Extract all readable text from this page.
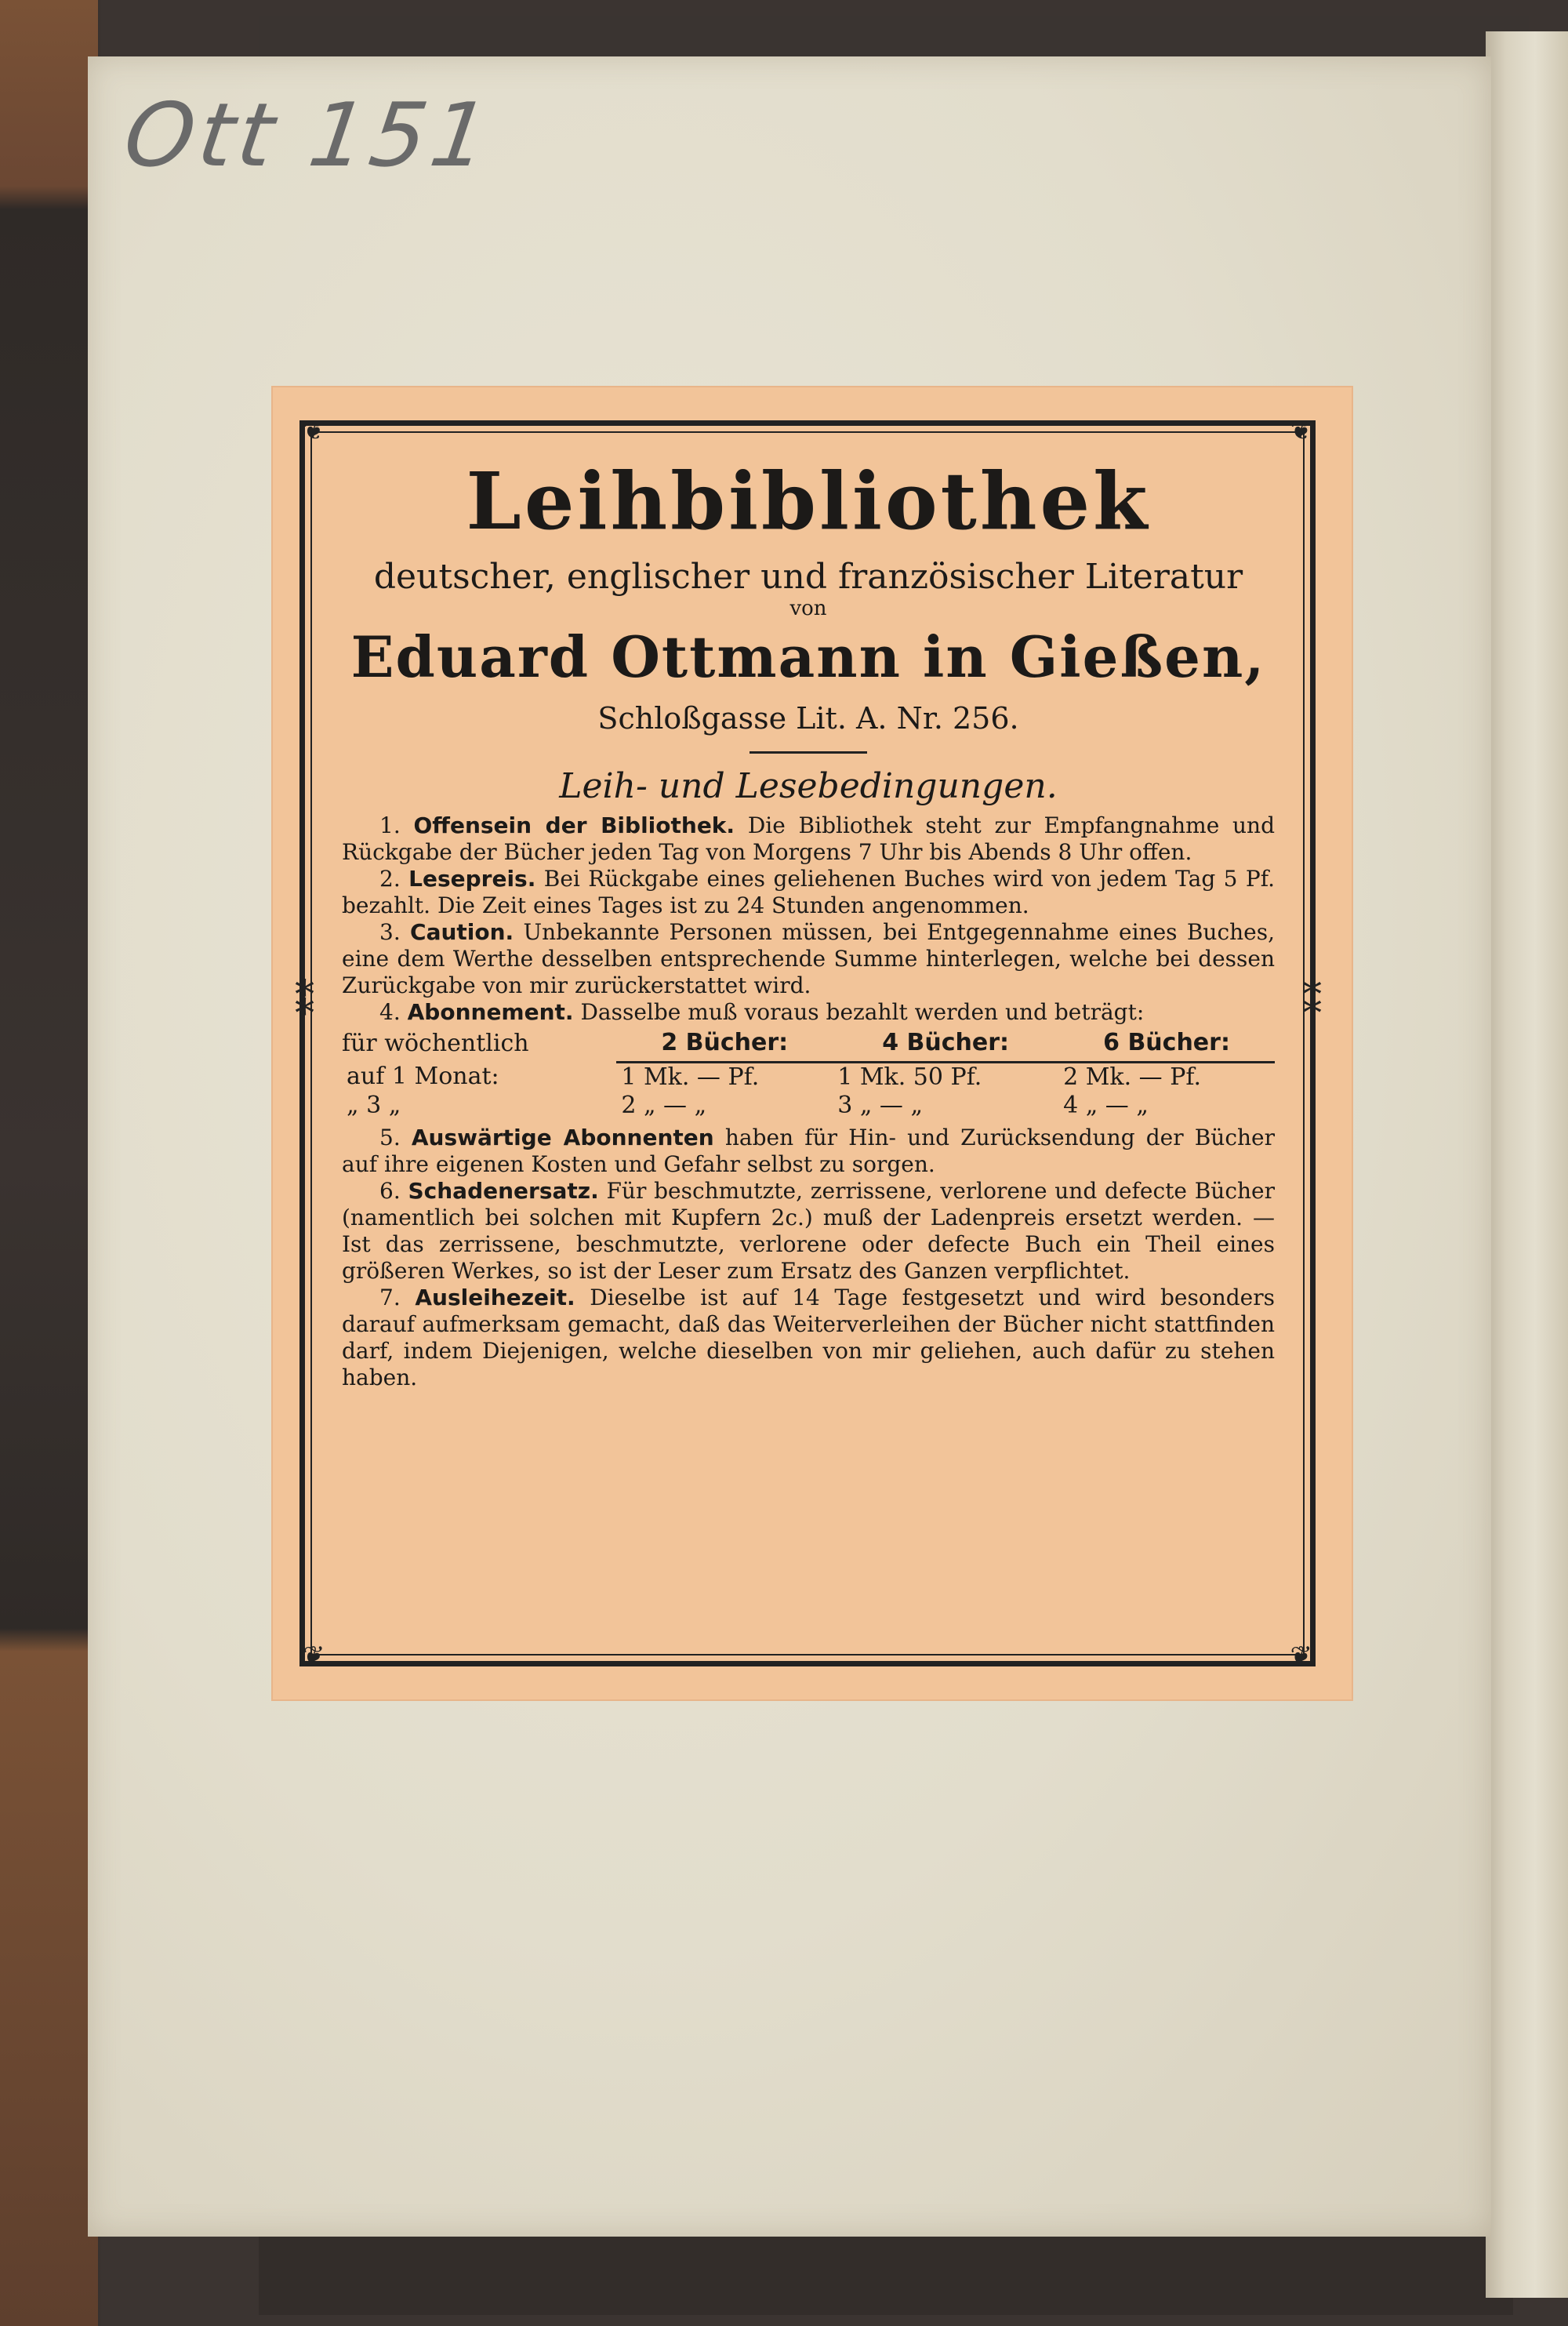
Ott 151
❦	❦
❦	❦
⁑	⁑

Leihbibliothek

deutscher, englischer und französischer Literatur

von

Eduard Ottmann in Gießen,

Schloßgasse Lit. A. Nr. 256.

Leih- und Lesebedingungen.

1. Offensein der Bibliothek. Die Bibliothek steht zur Empfangnahme und Rückgabe der Bücher jeden Tag von Morgens 7 Uhr bis Abends 8 Uhr offen.

2. Lesepreis. Bei Rückgabe eines geliehenen Buches wird von jedem Tag 5 Pf. bezahlt. Die Zeit eines Tages ist zu 24 Stunden angenommen.

3. Caution. Unbekannte Personen müssen, bei Entgegennahme eines Buches, eine dem Werthe desselben entsprechende Summe hinterlegen, welche bei dessen Zurückgabe von mir zurückerstattet wird.

4. Abonnement. Dasselbe muß voraus bezahlt werden und beträgt:

für wöchentlich	2 Bücher:	4 Bücher:	6 Bücher:
auf 1 Monat:	1 Mk. — Pf.	1 Mk. 50 Pf.	2 Mk. — Pf.
„ 3 „	2 „ — „	3 „ — „	4 „ — „

5. Auswärtige Abonnenten haben für Hin- und Zurücksendung der Bücher auf ihre eigenen Kosten und Gefahr selbst zu sorgen.

6. Schadenersatz. Für beschmutzte, zerrissene, verlorene und defecte Bücher (namentlich bei solchen mit Kupfern 2c.) muß der Ladenpreis ersetzt werden. — Ist das zerrissene, beschmutzte, verlorene oder defecte Buch ein Theil eines größeren Werkes, so ist der Leser zum Ersatz des Ganzen verpflichtet.

7. Ausleihezeit. Dieselbe ist auf 14 Tage festgesetzt und wird besonders darauf aufmerksam gemacht, daß das Weiterverleihen der Bücher nicht stattfinden darf, indem Diejenigen, welche dieselben von mir geliehen, auch dafür zu stehen haben.
